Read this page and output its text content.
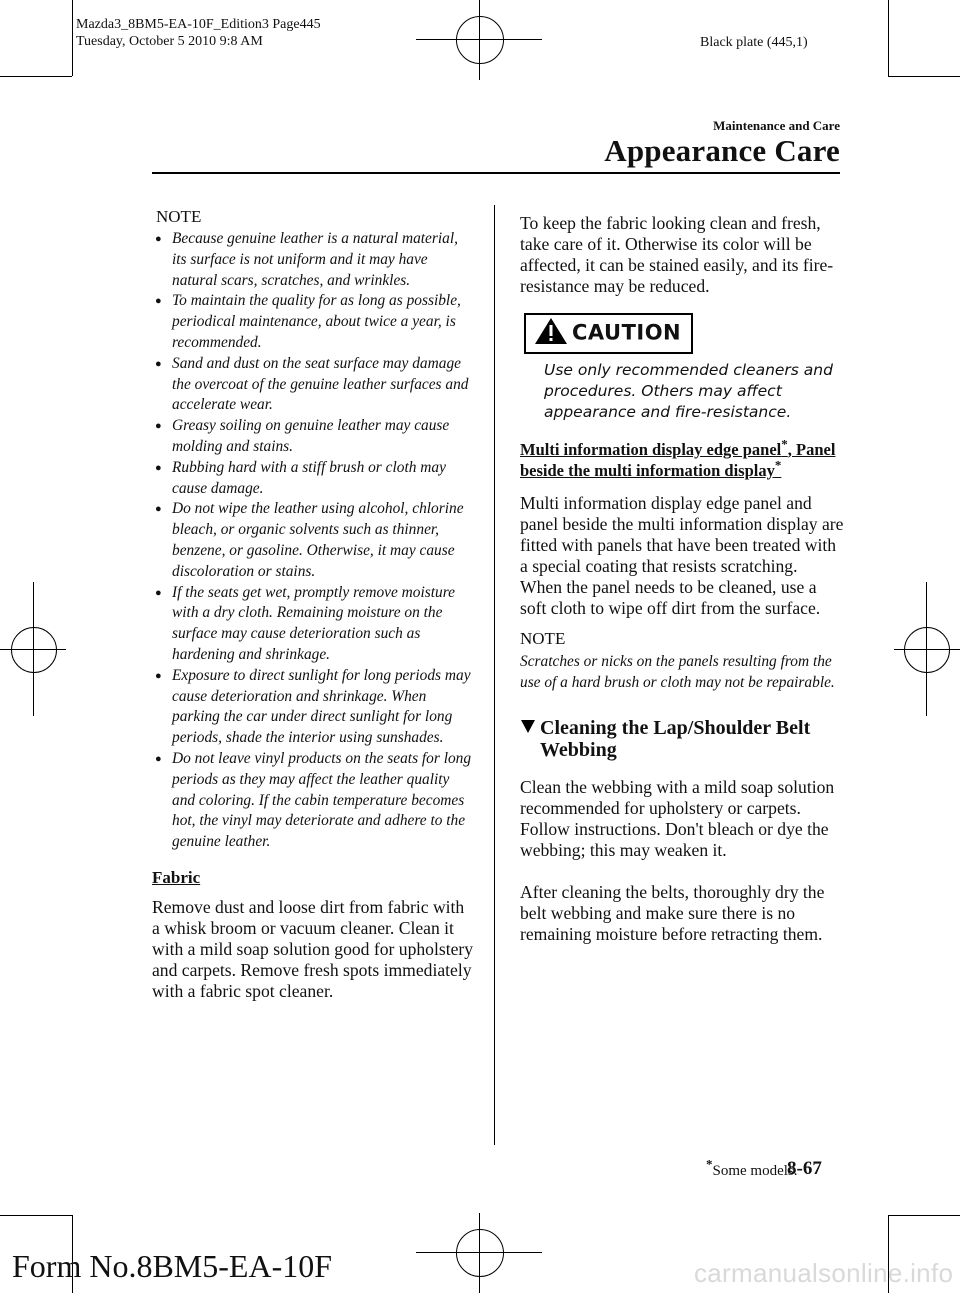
Mazda3_8BM5-EA-10F_Edition3 Page445
Tuesday, October 5 2010 9:8 AM	Black plate (445,1)
Maintenance and Care
Appearance Care
NOTE
● Because genuine leather is a natural material, its surface is not uniform and it may have natural scars, scratches, and wrinkles.
● To maintain the quality for as long as possible, periodical maintenance, about twice a year, is recommended.
● Sand and dust on the seat surface may damage the overcoat of the genuine leather surfaces and accelerate wear.
● Greasy soiling on genuine leather may cause molding and stains.
● Rubbing hard with a stiff brush or cloth may cause damage.
● Do not wipe the leather using alcohol, chlorine bleach, or organic solvents such as thinner, benzene, or gasoline. Otherwise, it may cause discoloration or stains.
● If the seats get wet, promptly remove moisture with a dry cloth. Remaining moisture on the surface may cause deterioration such as hardening and shrinkage.
● Exposure to direct sunlight for long periods may cause deterioration and shrinkage. When parking the car under direct sunlight for long periods, shade the interior using sunshades.
● Do not leave vinyl products on the seats for long periods as they may affect the leather quality and coloring. If the cabin temperature becomes hot, the vinyl may deteriorate and adhere to the genuine leather.
Fabric
Remove dust and loose dirt from fabric with a whisk broom or vacuum cleaner. Clean it with a mild soap solution good for upholstery and carpets. Remove fresh spots immediately with a fabric spot cleaner.
To keep the fabric looking clean and fresh, take care of it. Otherwise its color will be affected, it can be stained easily, and its fire-resistance may be reduced.
CAUTION
Use only recommended cleaners and procedures. Others may affect appearance and fire-resistance.
Multi information display edge panel*, Panel beside the multi information display*
Multi information display edge panel and panel beside the multi information display are fitted with panels that have been treated with a special coating that resists scratching.
When the panel needs to be cleaned, use a soft cloth to wipe off dirt from the surface.
NOTE
Scratches or nicks on the panels resulting from the use of a hard brush or cloth may not be repairable.
Cleaning the Lap/Shoulder Belt Webbing
Clean the webbing with a mild soap solution recommended for upholstery or carpets. Follow instructions. Don't bleach or dye the webbing; this may weaken it.
After cleaning the belts, thoroughly dry the belt webbing and make sure there is no remaining moisture before retracting them.
*Some models.
8-67
Form No.8BM5-EA-10F	carmanualsonline.info
